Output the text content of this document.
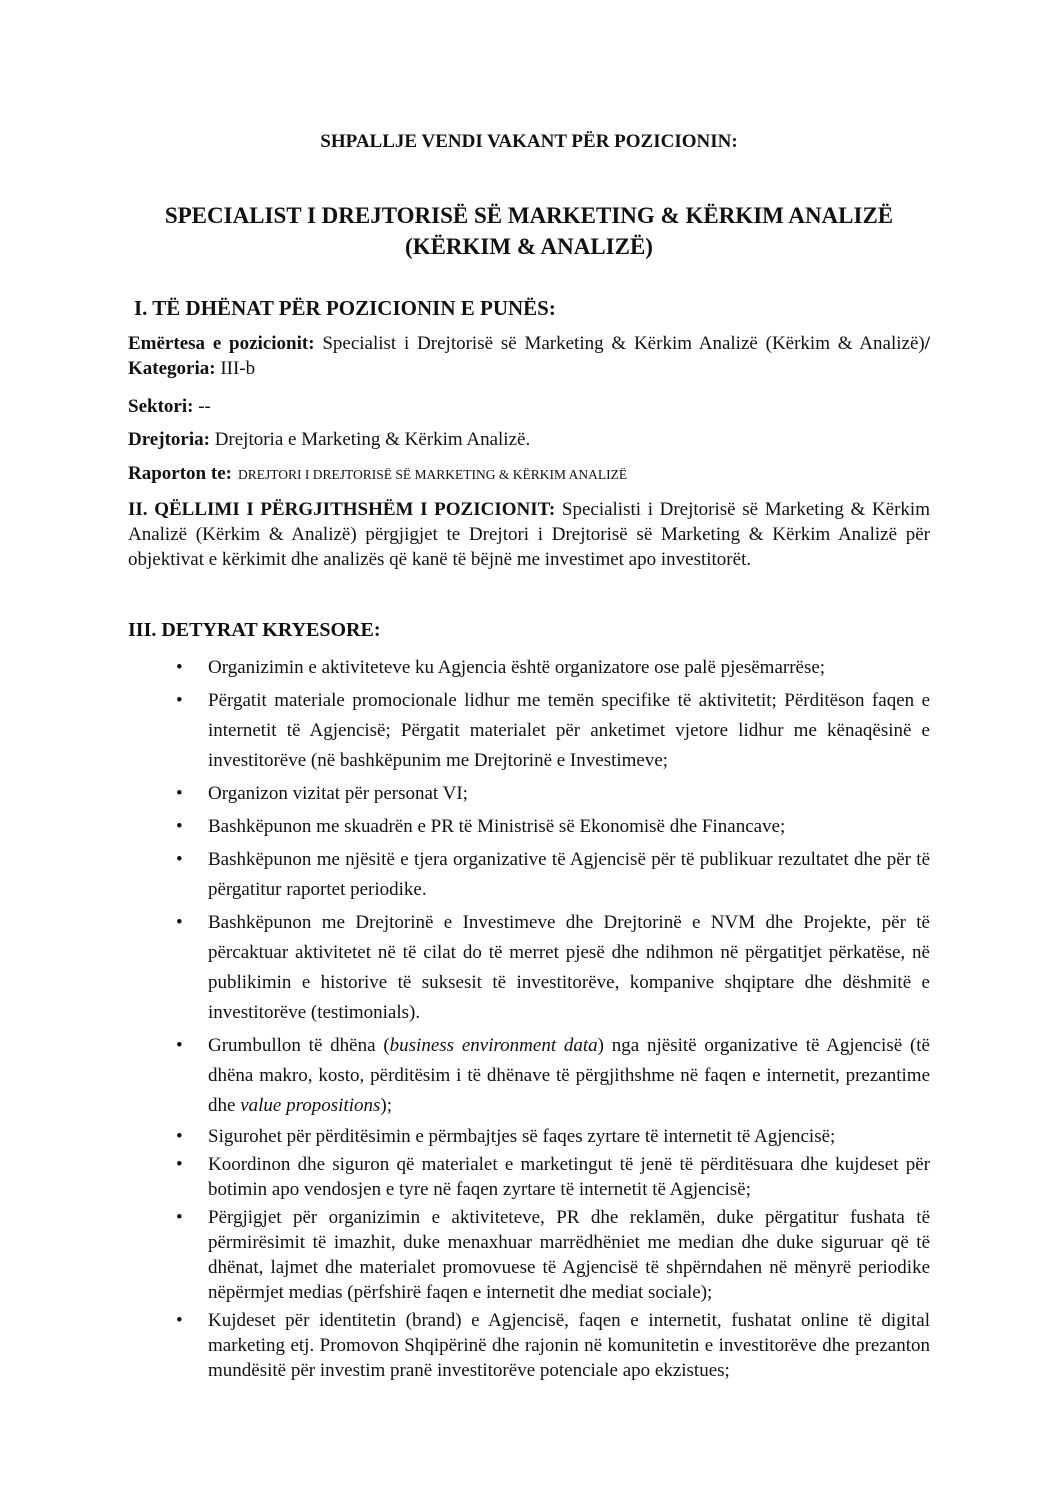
SHPALLJE VENDI VAKANT PËR POZICIONIN:
SPECIALIST I DREJTORISË SË MARKETING & KËRKIM ANALIZË
(KËRKIM & ANALIZË)
I. TË DHËNAT PËR POZICIONIN E PUNËS:
Emërtesa e pozicionit: Specialist i Drejtorisë së Marketing & Kërkim Analizë (Kërkim & Analizë)/ Kategoria: III-b
Sektori: --
Drejtoria: Drejtoria e Marketing & Kërkim Analizë.
Raporton te: DREJTORI I DREJTORISË SË MARKETING & KËRKIM ANALIZË
II. QËLLIMI I PËRGJITHSHËM I POZICIONIT: Specialisti i Drejtorisë së Marketing & Kërkim Analizë (Kërkim & Analizë) përgjigjet te Drejtori i Drejtorisë së Marketing & Kërkim Analizë për objektivat e kërkimit dhe analizës që kanë të bëjnë me investimet apo investitorët.
III. DETYRAT KRYESORE:
• Organizimin e aktiviteteve ku Agjencia është organizatore ose palë pjesëmarrëse;
• Përgatit materiale promocionale lidhur me temën specifike të aktivitetit; Përditëson faqen e internetit të Agjencisë; Përgatit materialet për anketimet vjetore lidhur me kënaqësinë e investitorëve (në bashkëpunim me Drejtorinë e Investimeve;
• Organizon vizitat për personat VI;
• Bashkëpunon me skuadrën e PR të Ministrisë së Ekonomisë dhe Financave;
• Bashkëpunon me njësitë e tjera organizative të Agjencisë për të publikuar rezultatet dhe për të përgatitur raportet periodike.
• Bashkëpunon me Drejtorinë e Investimeve dhe Drejtorinë e NVM dhe Projekte, për të përcaktuar aktivitetet në të cilat do të merret pjesë dhe ndihmon në përgatitjet përkatëse, në publikimin e historive të suksesit të investitorëve, kompanive shqiptare dhe dëshmitë e investitorëve (testimonials).
• Grumbullon të dhëna (business environment data) nga njësitë organizative të Agjencisë (të dhëna makro, kosto, përditësim i të dhënave të përgjithshme në faqen e internetit, prezantime dhe value propositions);
• Sigurohet për përditësimin e përmbajtjes së faqes zyrtare të internetit të Agjencisë;
• Koordinon dhe siguron që materialet e marketingut të jenë të përditësuara dhe kujdeset për botimin apo vendosjen e tyre në faqen zyrtare të internetit të Agjencisë;
• Përgjigjet për organizimin e aktiviteteve, PR dhe reklamën, duke përgatitur fushata të përmirësimit të imazhit, duke menaxhuar marrëdhëniet me median dhe duke siguruar që të dhënat, lajmet dhe materialet promovuese të Agjencisë të shpërndahen në mënyrë periodike nëpërmjet medias (përfshirë faqen e internetit dhe mediat sociale);
• Kujdeset për identitetin (brand) e Agjencisë, faqen e internetit, fushatat online të digital marketing etj. Promovon Shqipërinë dhe rajonin në komunitetin e investitorëve dhe prezanton mundësitë për investim pranë investitorëve potenciale apo ekzistues;
